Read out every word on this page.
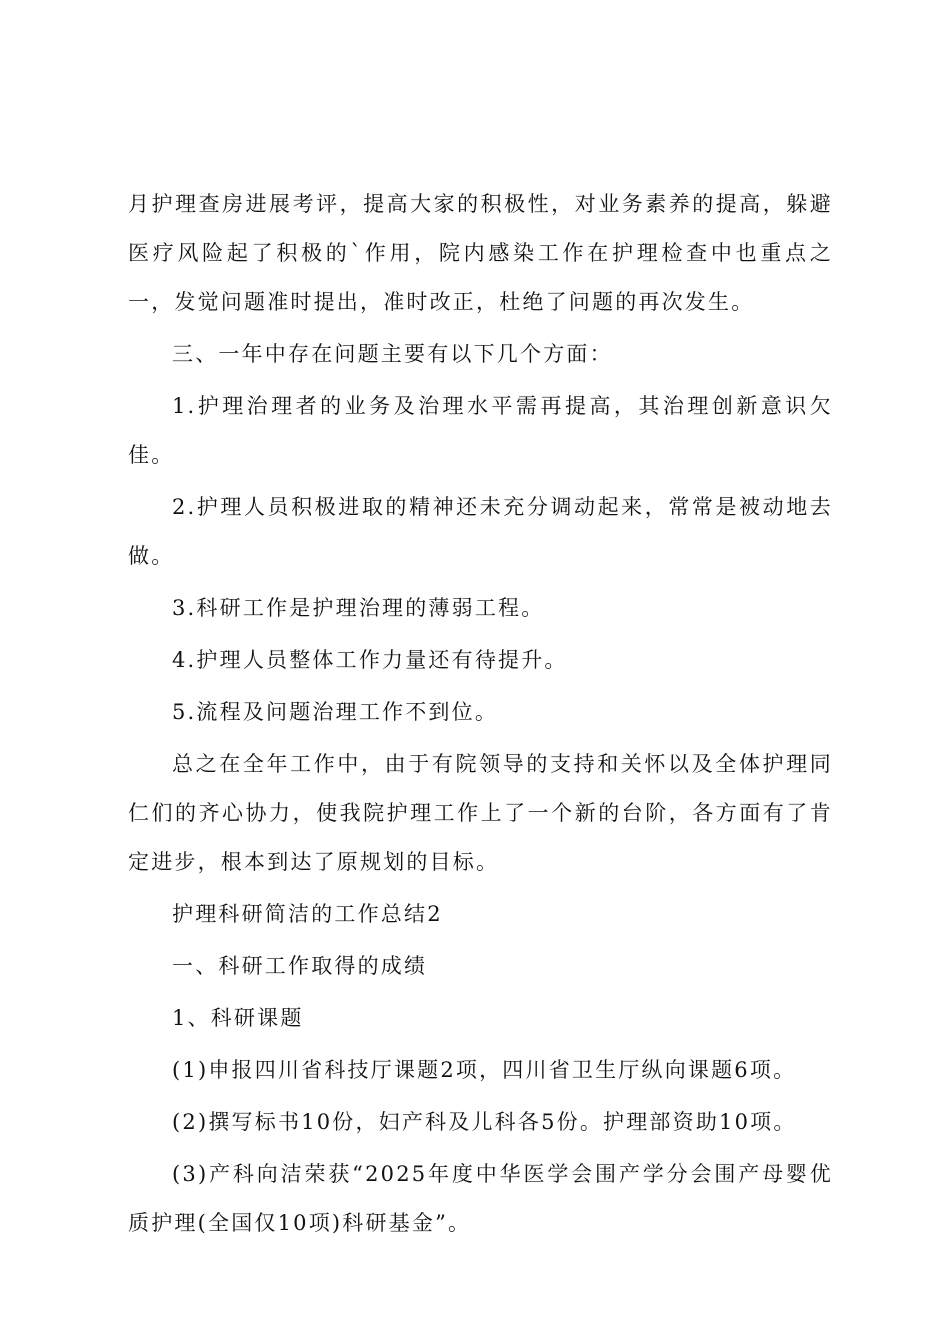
月护理查房进展考评，提高大家的积极性，对业务素养的提高，躲避医疗风险起了积极的`作用，院内感染工作在护理检查中也重点之一，发觉问题准时提出，准时改正，杜绝了问题的再次发生。

三、一年中存在问题主要有以下几个方面：

1.护理治理者的业务及治理水平需再提高，其治理创新意识欠佳。

2.护理人员积极进取的精神还未充分调动起来，常常是被动地去做。

3.科研工作是护理治理的薄弱工程。

4.护理人员整体工作力量还有待提升。

5.流程及问题治理工作不到位。

总之在全年工作中，由于有院领导的支持和关怀以及全体护理同仁们的齐心协力，使我院护理工作上了一个新的台阶，各方面有了肯定进步，根本到达了原规划的目标。

护理科研简洁的工作总结2

一、科研工作取得的成绩

1、科研课题

(1)申报四川省科技厅课题2项，四川省卫生厅纵向课题6项。

(2)撰写标书10份，妇产科及儿科各5份。护理部资助10项。

(3)产科向洁荣获“2025年度中华医学会围产学分会围产母婴优质护理(全国仅10项)科研基金”。
